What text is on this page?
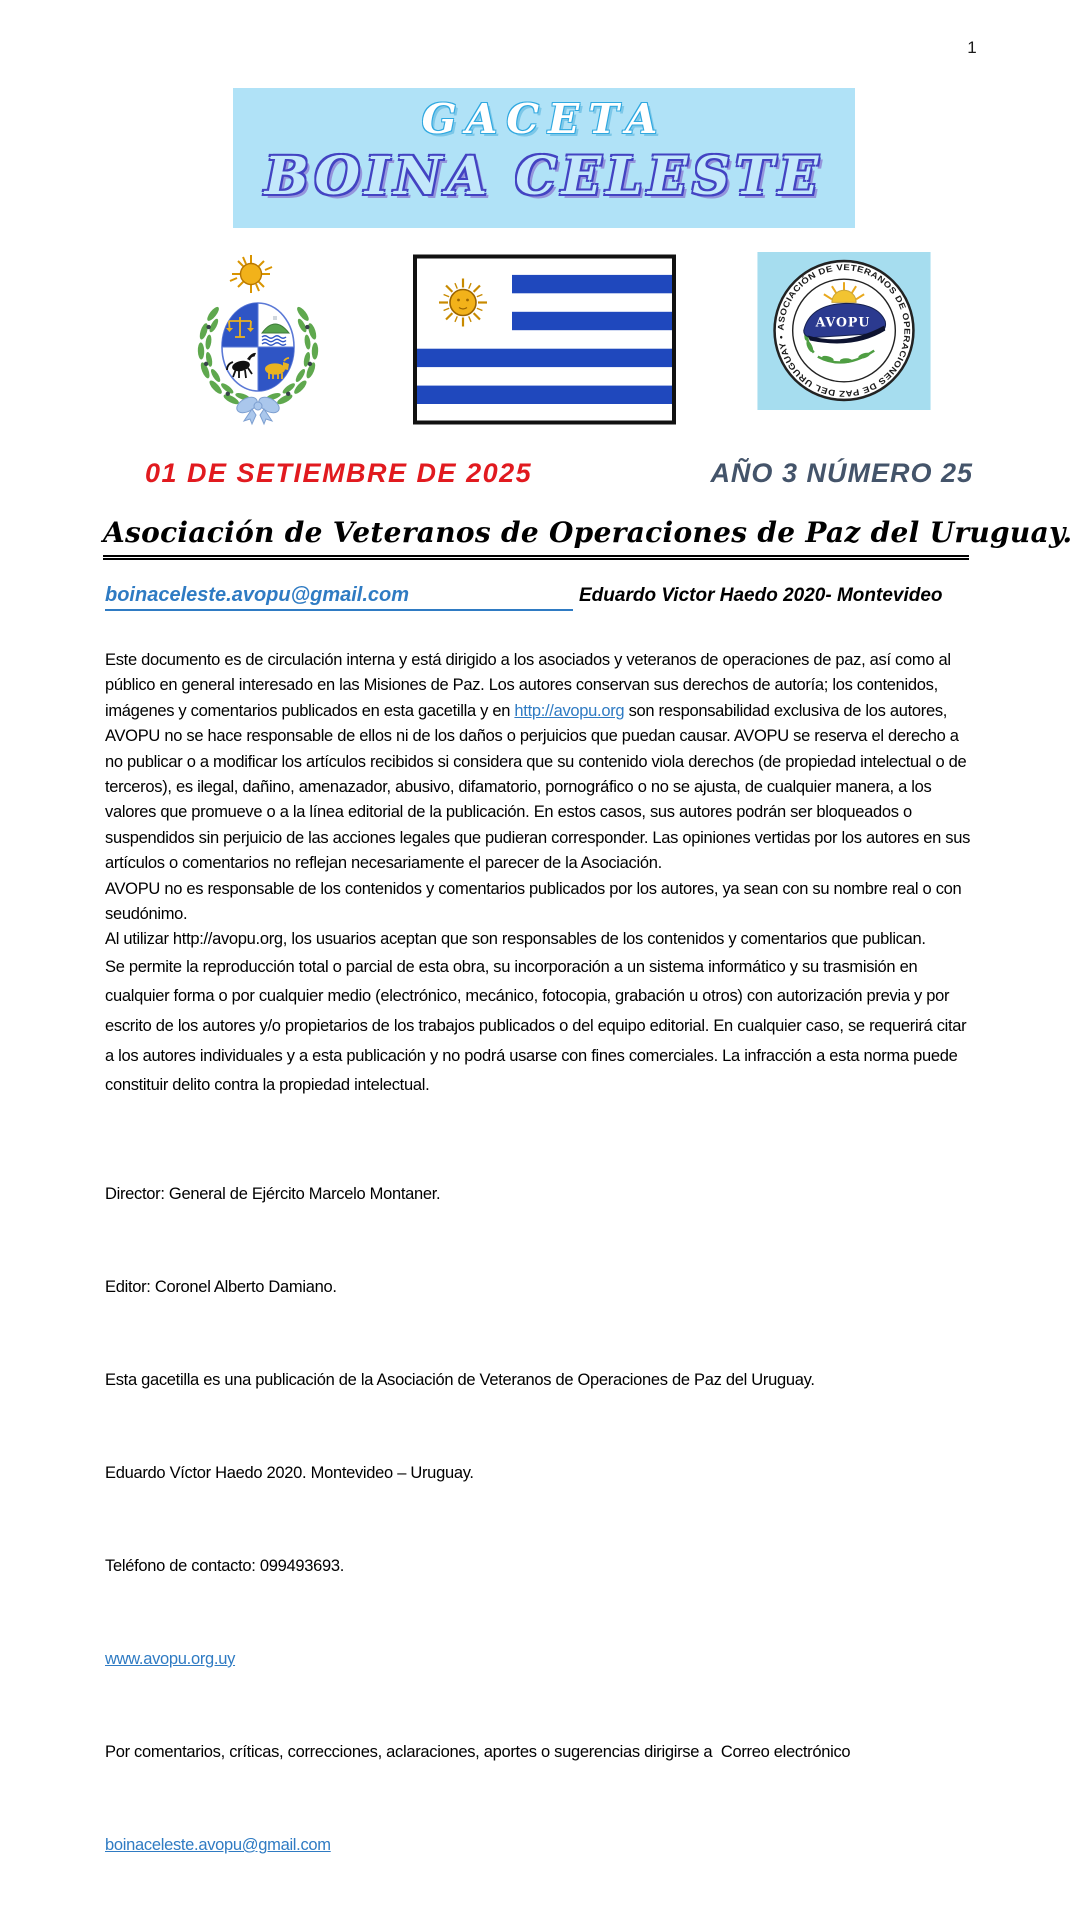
1
GACETA
BOINA CELESTE
ASOCIACIÓN DE VETERANOS DE OPERACIONES DE PAZ DEL URUGUAY •
AVOPU
01 DE SETIEMBRE DE 2025	AÑO 3 NÚMERO 25
Asociación de Veteranos de Operaciones de Paz del Uruguay.
boinaceleste.avopu@gmail.com	Eduardo Victor Haedo 2020- Montevideo

Este documento es de circulación interna y está dirigido a los asociados y veteranos de operaciones de paz, así como al público en general interesado en las Misiones de Paz. Los autores conservan sus derechos de autoría; los contenidos, imágenes y comentarios publicados en esta gacetilla y en http://avopu.org son responsabilidad exclusiva de los autores, AVOPU no se hace responsable de ellos ni de los daños o perjuicios que puedan causar. AVOPU se reserva el derecho a no publicar o a modificar los artículos recibidos si considera que su contenido viola derechos (de propiedad intelectual o de terceros), es ilegal, dañino, amenazador, abusivo, difamatorio, pornográfico o no se ajusta, de cualquier manera, a los valores que promueve o a la línea editorial de la publicación. En estos casos, sus autores podrán ser bloqueados o suspendidos sin perjuicio de las acciones legales que pudieran corresponder. Las opiniones vertidas por los autores en sus artículos o comentarios no reflejan necesariamente el parecer de la Asociación.

AVOPU no es responsable de los contenidos y comentarios publicados por los autores, ya sean con su nombre real o con seudónimo.

Al utilizar http://avopu.org, los usuarios aceptan que son responsables de los contenidos y comentarios que publican.

Se permite la reproducción total o parcial de esta obra, su incorporación a un sistema informático y su trasmisión en cualquier forma o por cualquier medio (electrónico, mecánico, fotocopia, grabación u otros) con autorización previa y por escrito de los autores y/o propietarios de los trabajos publicados o del equipo editorial. En cualquier caso, se requerirá citar a los autores individuales y a esta publicación y no podrá usarse con fines comerciales. La infracción a esta norma puede constituir delito contra la propiedad intelectual.

Director: General de Ejército Marcelo Montaner.

Editor: Coronel Alberto Damiano.

Esta gacetilla es una publicación de la Asociación de Veteranos de Operaciones de Paz del Uruguay.

Eduardo Víctor Haedo 2020. Montevideo – Uruguay.

Teléfono de contacto: 099493693.

www.avopu.org.uy

Por comentarios, críticas, correcciones, aclaraciones, aportes o sugerencias dirigirse a  Correo electrónico

boinaceleste.avopu@gmail.com
